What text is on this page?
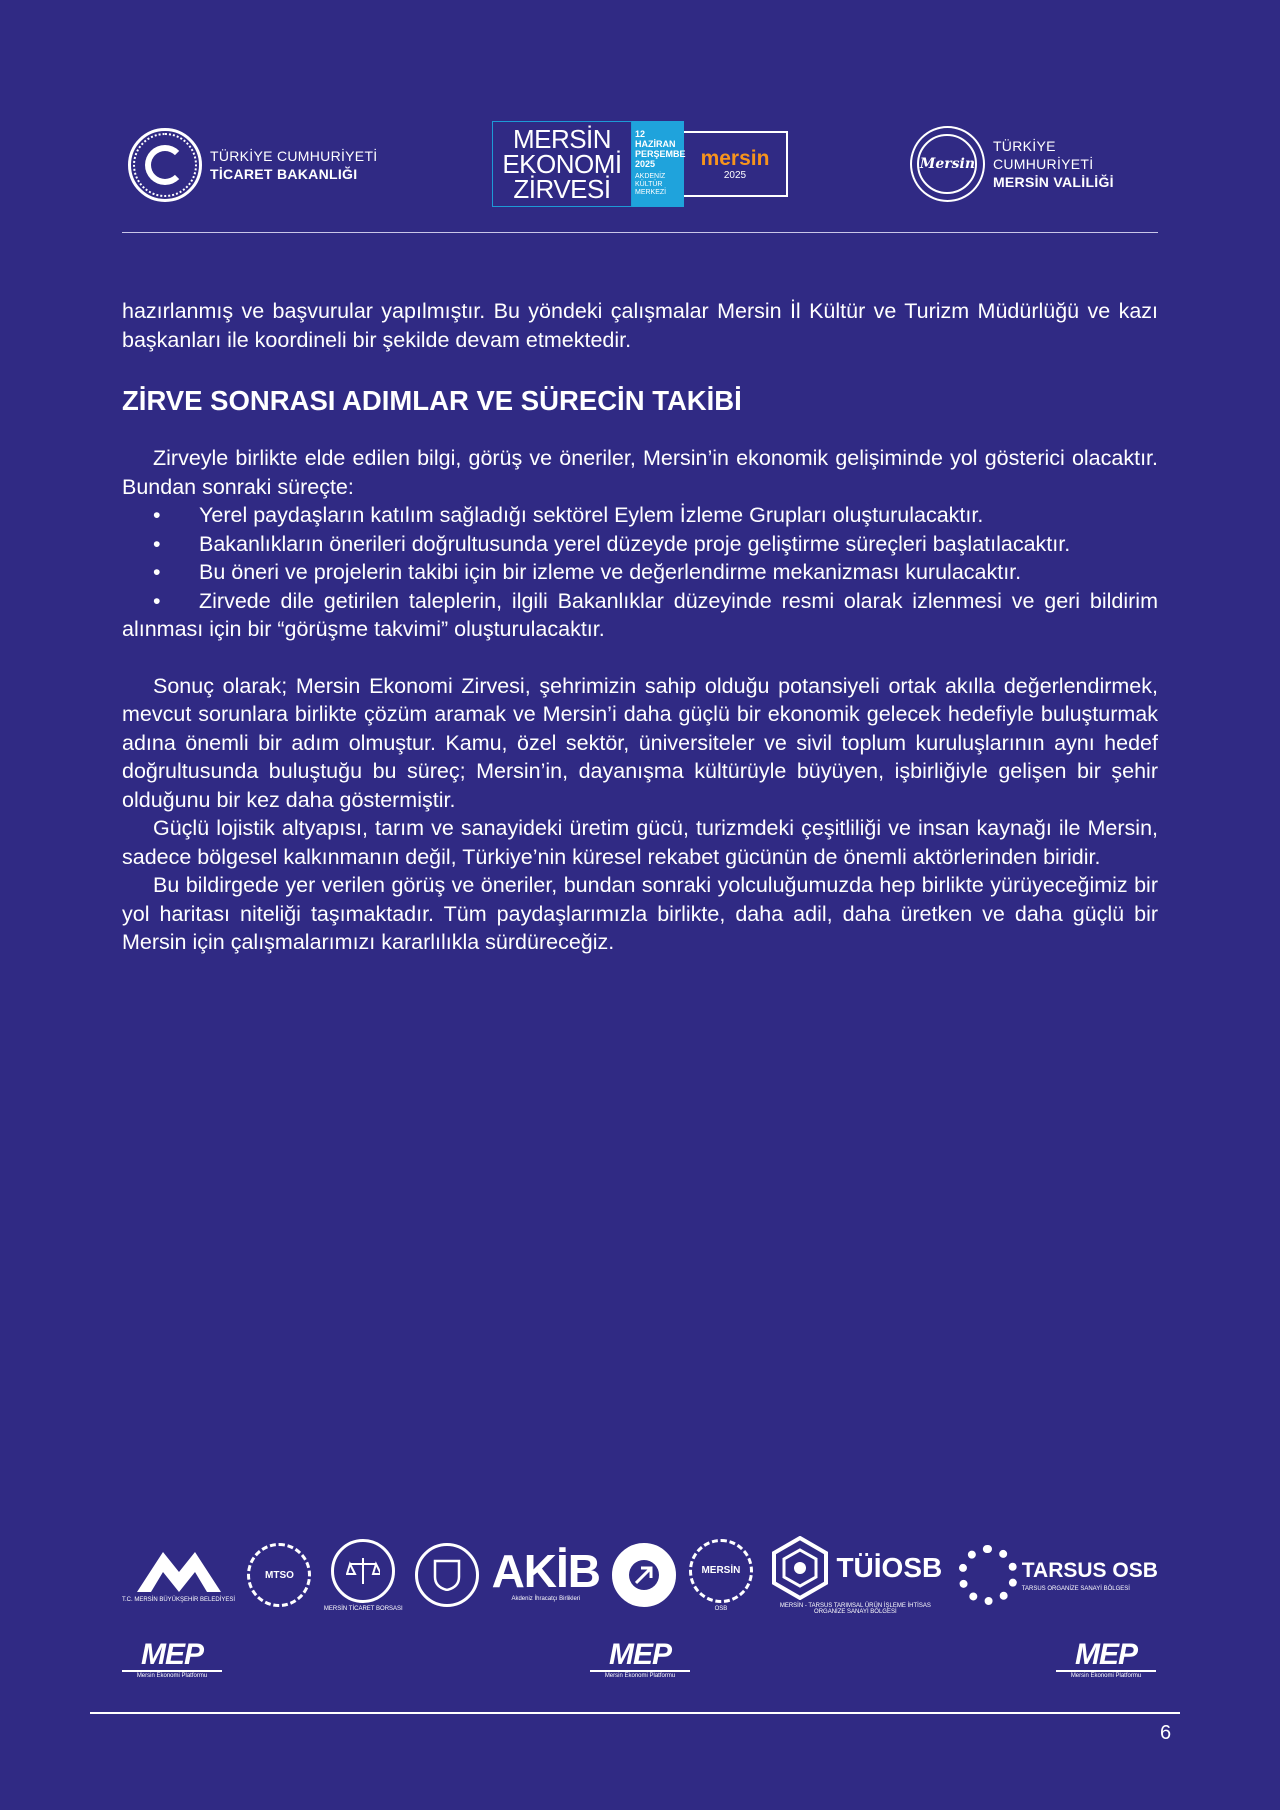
TÜRKİYE CUMHURİYETİ
TİCARET BAKANLIĞI
MERSİN
EKONOMİ
ZİRVESİ
12 HAZİRAN
PERŞEMBE
2025
AKDENİZ
KÜLTÜR
MERKEZİ
mersin
2025
Mersin
TÜRKİYE CUMHURİYETİ
MERSİN VALİLİĞİ

hazırlanmış ve başvurular yapılmıştır. Bu yöndeki çalışmalar Mersin İl Kültür ve Turizm Müdürlüğü ve kazı başkanları ile koordineli bir şekilde devam etmektedir.

ZİRVE SONRASI ADIMLAR VE SÜRECİN TAKİBİ

Zirveyle birlikte elde edilen bilgi, görüş ve öneriler, Mersin’in ekonomik gelişiminde yol gösterici olacaktır. Bundan sonraki süreçte:

• Yerel paydaşların katılım sağladığı sektörel Eylem İzleme Grupları oluşturulacaktır.

• Bakanlıkların önerileri doğrultusunda yerel düzeyde proje geliştirme süreçleri başlatılacaktır.

• Bu öneri ve projelerin takibi için bir izleme ve değerlendirme mekanizması kurulacaktır.

• Zirvede dile getirilen taleplerin, ilgili Bakanlıklar düzeyinde resmi olarak izlenmesi ve geri bildirim alınması için bir “görüşme takvimi” oluşturulacaktır.

Sonuç olarak; Mersin Ekonomi Zirvesi, şehrimizin sahip olduğu potansiyeli ortak akılla değerlendirmek, mevcut sorunlara birlikte çözüm aramak ve Mersin’i daha güçlü bir ekonomik gelecek hedefiyle buluşturmak adına önemli bir adım olmuştur. Kamu, özel sektör, üniversiteler ve sivil toplum kuruluşlarının aynı hedef doğrultusunda buluştuğu bu süreç; Mersin’in, dayanışma kültürüyle büyüyen, işbirliğiyle gelişen bir şehir olduğunu bir kez daha göstermiştir.

Güçlü lojistik altyapısı, tarım ve sanayideki üretim gücü, turizmdeki çeşitliliği ve insan kaynağı ile Mersin, sadece bölgesel kalkınmanın değil, Türkiye’nin küresel rekabet gücünün de önemli aktörlerinden biridir.

Bu bildirgede yer verilen görüş ve öneriler, bundan sonraki yolculuğumuzda hep birlikte yürüyeceğimiz bir yol haritası niteliği taşımaktadır. Tüm paydaşlarımızla birlikte, daha adil, daha üretken ve daha güçlü bir Mersin için çalışmalarımızı kararlılıkla sürdüreceğiz.

T.C. MERSİN BÜYÜKŞEHİR BELEDİYESİ
MTSO
MERSİN TİCARET BORSASI
AKİB
Akdeniz İhracatçı Birlikleri
MERSİN
OSB
TÜİOSB
MERSİN - TARSUS TARIMSAL ÜRÜN İŞLEME İHTİSAS ORGANİZE SANAYİ BÖLGESİ
TARSUS OSB
TARSUS ORGANİZE SANAYİ BÖLGESİ
MEP
Mersin Ekonomi Platformu
MEP
Mersin Ekonomi Platformu
MEP
Mersin Ekonomi Platformu
6
